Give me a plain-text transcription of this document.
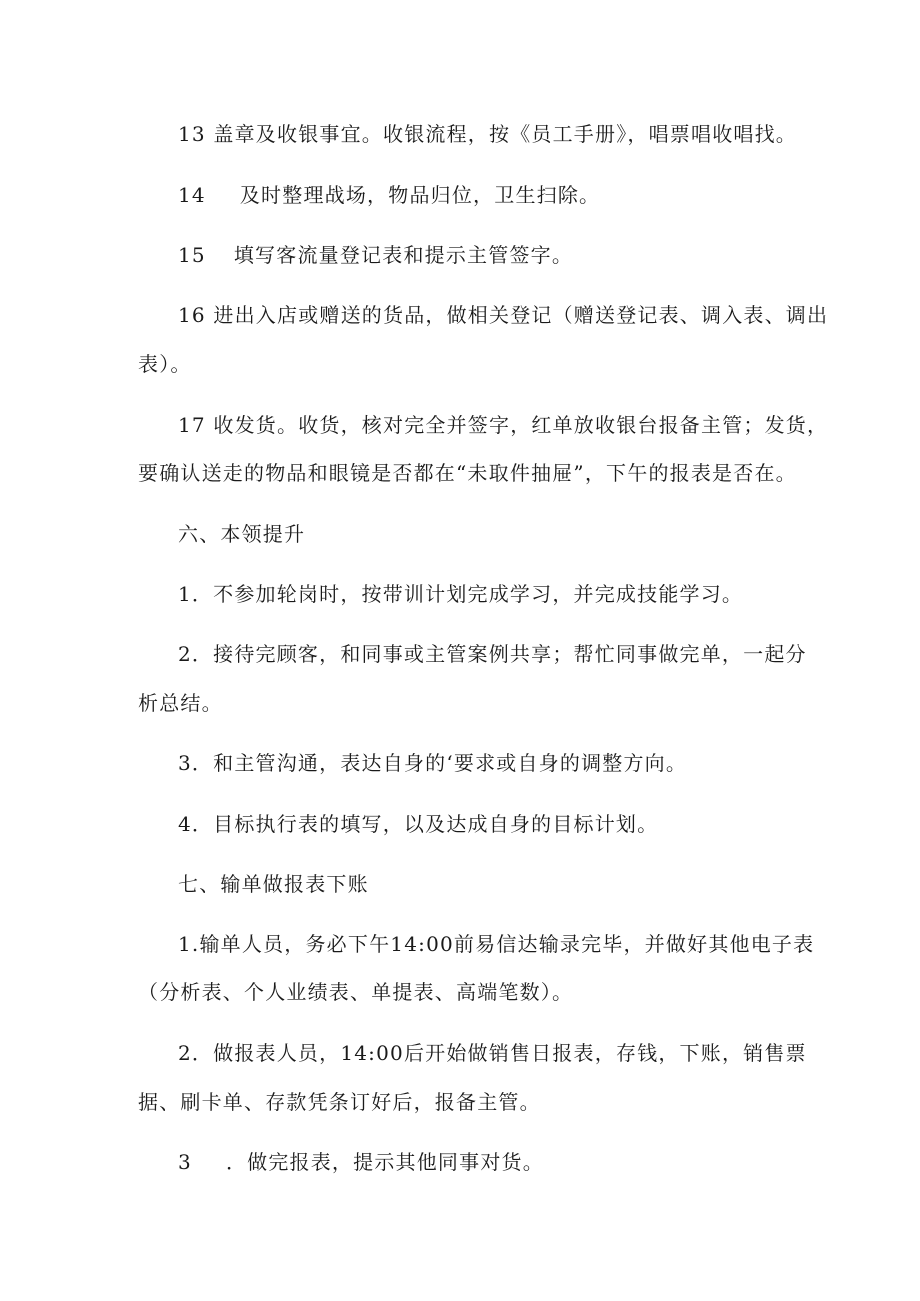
13 盖章及收银事宜。收银流程，按《员工手册》，唱票唱收唱找。
14 及时整理战场，物品归位，卫生扫除。
15 填写客流量登记表和提示主管签字。
16 进出入店或赠送的货品，做相关登记（赠送登记表、调入表、调出
表）。
17 收发货。收货，核对完全并签字，红单放收银台报备主管；发货，
要确认送走的物品和眼镜是否都在“未取件抽屉”，下午的报表是否在。
六、本领提升
1．不参加轮岗时，按带训计划完成学习，并完成技能学习。
2．接待完顾客，和同事或主管案例共享；帮忙同事做完单，一起分
析总结。
3．和主管沟通，表达自身的‘要求或自身的调整方向。
4．目标执行表的填写，以及达成自身的目标计划。
七、输单做报表下账
1.输单人员，务必下午14:00前易信达输录完毕，并做好其他电子表
（分析表、个人业绩表、单提表、高端笔数）。
2．做报表人员，14:00后开始做销售日报表，存钱，下账，销售票
据、刷卡单、存款凭条订好后，报备主管。
3 ．做完报表，提示其他同事对货。
